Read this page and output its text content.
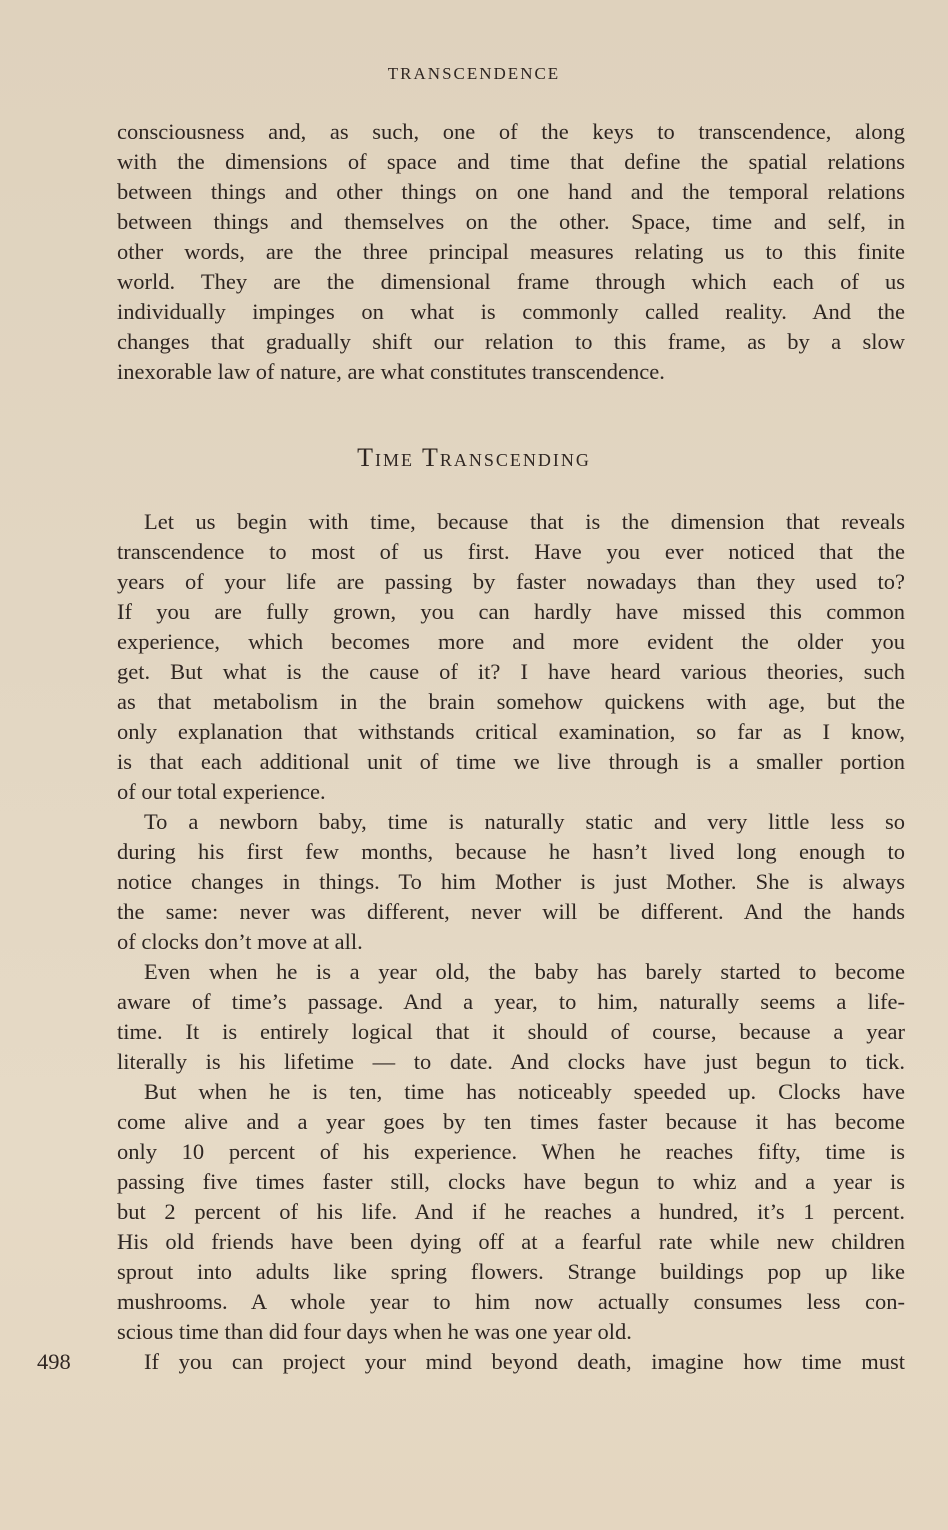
TRANSCENDENCE
consciousness and, as such, one of the keys to transcendence, along
with the dimensions of space and time that define the spatial relations
between things and other things on one hand and the temporal relations
between things and themselves on the other. Space, time and self, in
other words, are the three principal measures relating us to this finite
world. They are the dimensional frame through which each of us
individually impinges on what is commonly called reality. And the
changes that gradually shift our relation to this frame, as by a slow
inexorable law of nature, are what constitutes transcendence.
Time Transcending
Let us begin with time, because that is the dimension that reveals
transcendence to most of us first. Have you ever noticed that the
years of your life are passing by faster nowadays than they used to?
If you are fully grown, you can hardly have missed this common
experience, which becomes more and more evident the older you
get. But what is the cause of it? I have heard various theories, such
as that metabolism in the brain somehow quickens with age, but the
only explanation that withstands critical examination, so far as I know,
is that each additional unit of time we live through is a smaller portion
of our total experience.
To a newborn baby, time is naturally static and very little less so
during his first few months, because he hasn’t lived long enough to
notice changes in things. To him Mother is just Mother. She is always
the same: never was different, never will be different. And the hands
of clocks don’t move at all.
Even when he is a year old, the baby has barely started to become
aware of time’s passage. And a year, to him, naturally seems a life-
time. It is entirely logical that it should of course, because a year
literally is his lifetime — to date. And clocks have just begun to tick.
But when he is ten, time has noticeably speeded up. Clocks have
come alive and a year goes by ten times faster because it has become
only 10 percent of his experience. When he reaches fifty, time is
passing five times faster still, clocks have begun to whiz and a year is
but 2 percent of his life. And if he reaches a hundred, it’s 1 percent.
His old friends have been dying off at a fearful rate while new children
sprout into adults like spring flowers. Strange buildings pop up like
mushrooms. A whole year to him now actually consumes less con-
scious time than did four days when he was one year old.
If you can project your mind beyond death, imagine how time must
498
